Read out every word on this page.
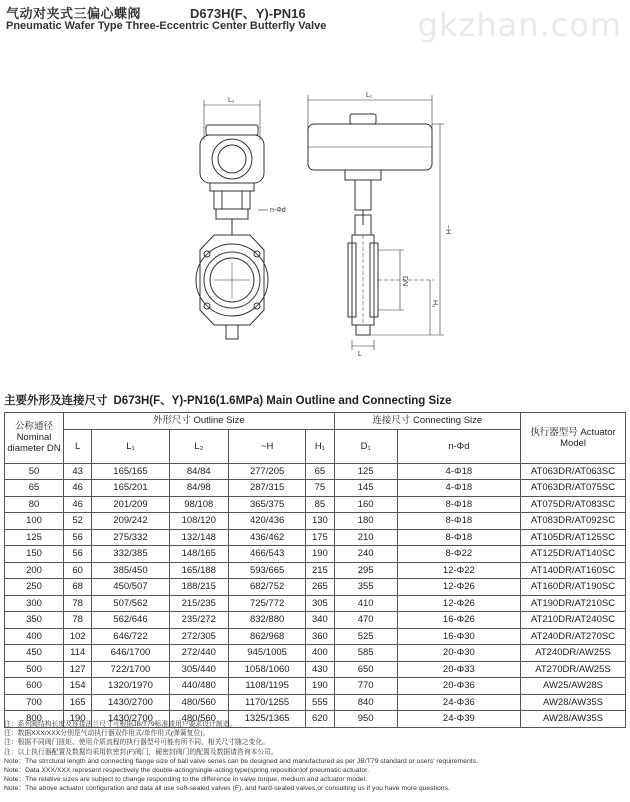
gkzhan.com
气动对夹式三偏心蝶阀	D673H(F、Y)-PN16
Pneumatic Wafer Type Three-Eccentric Center Butterfly Valve
L₂
L₁
~H
H₁
DN
n-Φd
L
主要外形及连接尺寸 D673H(F、Y)-PN16(1.6MPa) Main Outline and Connecting Size
公称通径 Nominal diameter DN	外形尺寸 Outline Size					连接尺寸 Connecting Size		执行器型号 Actuator Model
	L	L₁	L₂	~H	H₁	D₁	n-Φd	
50	43	165/165	84/84	277/205	65	125	4-Φ18	AT063DR/AT063SC
65	46	165/201	84/98	287/315	75	145	4-Φ18	AT063DR/AT075SC
80	46	201/209	98/108	365/375	85	160	8-Φ18	AT075DR/AT083SC
100	52	209/242	108/120	420/436	130	180	8-Φ18	AT083DR/AT092SC
125	56	275/332	132/148	436/462	175	210	8-Φ18	AT105DR/AT125SC
150	56	332/385	148/165	466/543	190	240	8-Φ22	AT125DR/AT140SC
200	60	385/450	165/188	593/665	215	295	12-Φ22	AT140DR/AT160SC
250	68	450/507	188/215	682/752	265	355	12-Φ26	AT160DR/AT190SC
300	78	507/562	215/235	725/772	305	410	12-Φ26	AT190DR/AT210SC
350	78	562/646	235/272	832/880	340	470	16-Φ26	AT210DR/AT240SC
400	102	646/722	272/305	862/968	360	525	16-Φ30	AT240DR/AT270SC
450	114	646/1700	272/440	945/1005	400	585	20-Φ30	AT240DR/AW25S
500	127	722/1700	305/440	1058/1060	430	650	20-Φ33	AT270DR/AW25S
600	154	1320/1970	440/480	1108/1195	190	770	20-Φ36	AW25/AW28S
700	165	1430/2700	480/560	1170/1255	555	840	24-Φ36	AW28/AW35S
800	190	1430/2700	480/560	1325/1365	620	950	24-Φ39	AW28/AW35S
注：系列阀结构长度及连接法兰尺寸可根据JB/T79标准或用户要求设计制造。
注：数据XXX/XXX分别是气动执行器双作用式/单作用式(弹簧复位)。
注：根据不同阀门扭矩、使用介质流程的执行器型号可能有所不同，相关尺寸随之变化。
注：以上执行器配置及数据均采用软密封(F)阀门，硬密封阀门的配置及数据请咨询本公司。
Note：The strrctural length and connecting flange size of ball valve series can be designed and manufactured as per JB/T79 standard or users' requirements.
Note：Data XXX/XXX represent respectively the double-acting/single-acting type(spring reposition)of pneumatic actuator.
Note：The relative sizes are subject to change responding to the difference in valve torque, medium and actuator model.
Note：The above actuator configuration and data all use soft-sealed valves (F), and hard-sealed valves,or consulting us if you have more questions.
